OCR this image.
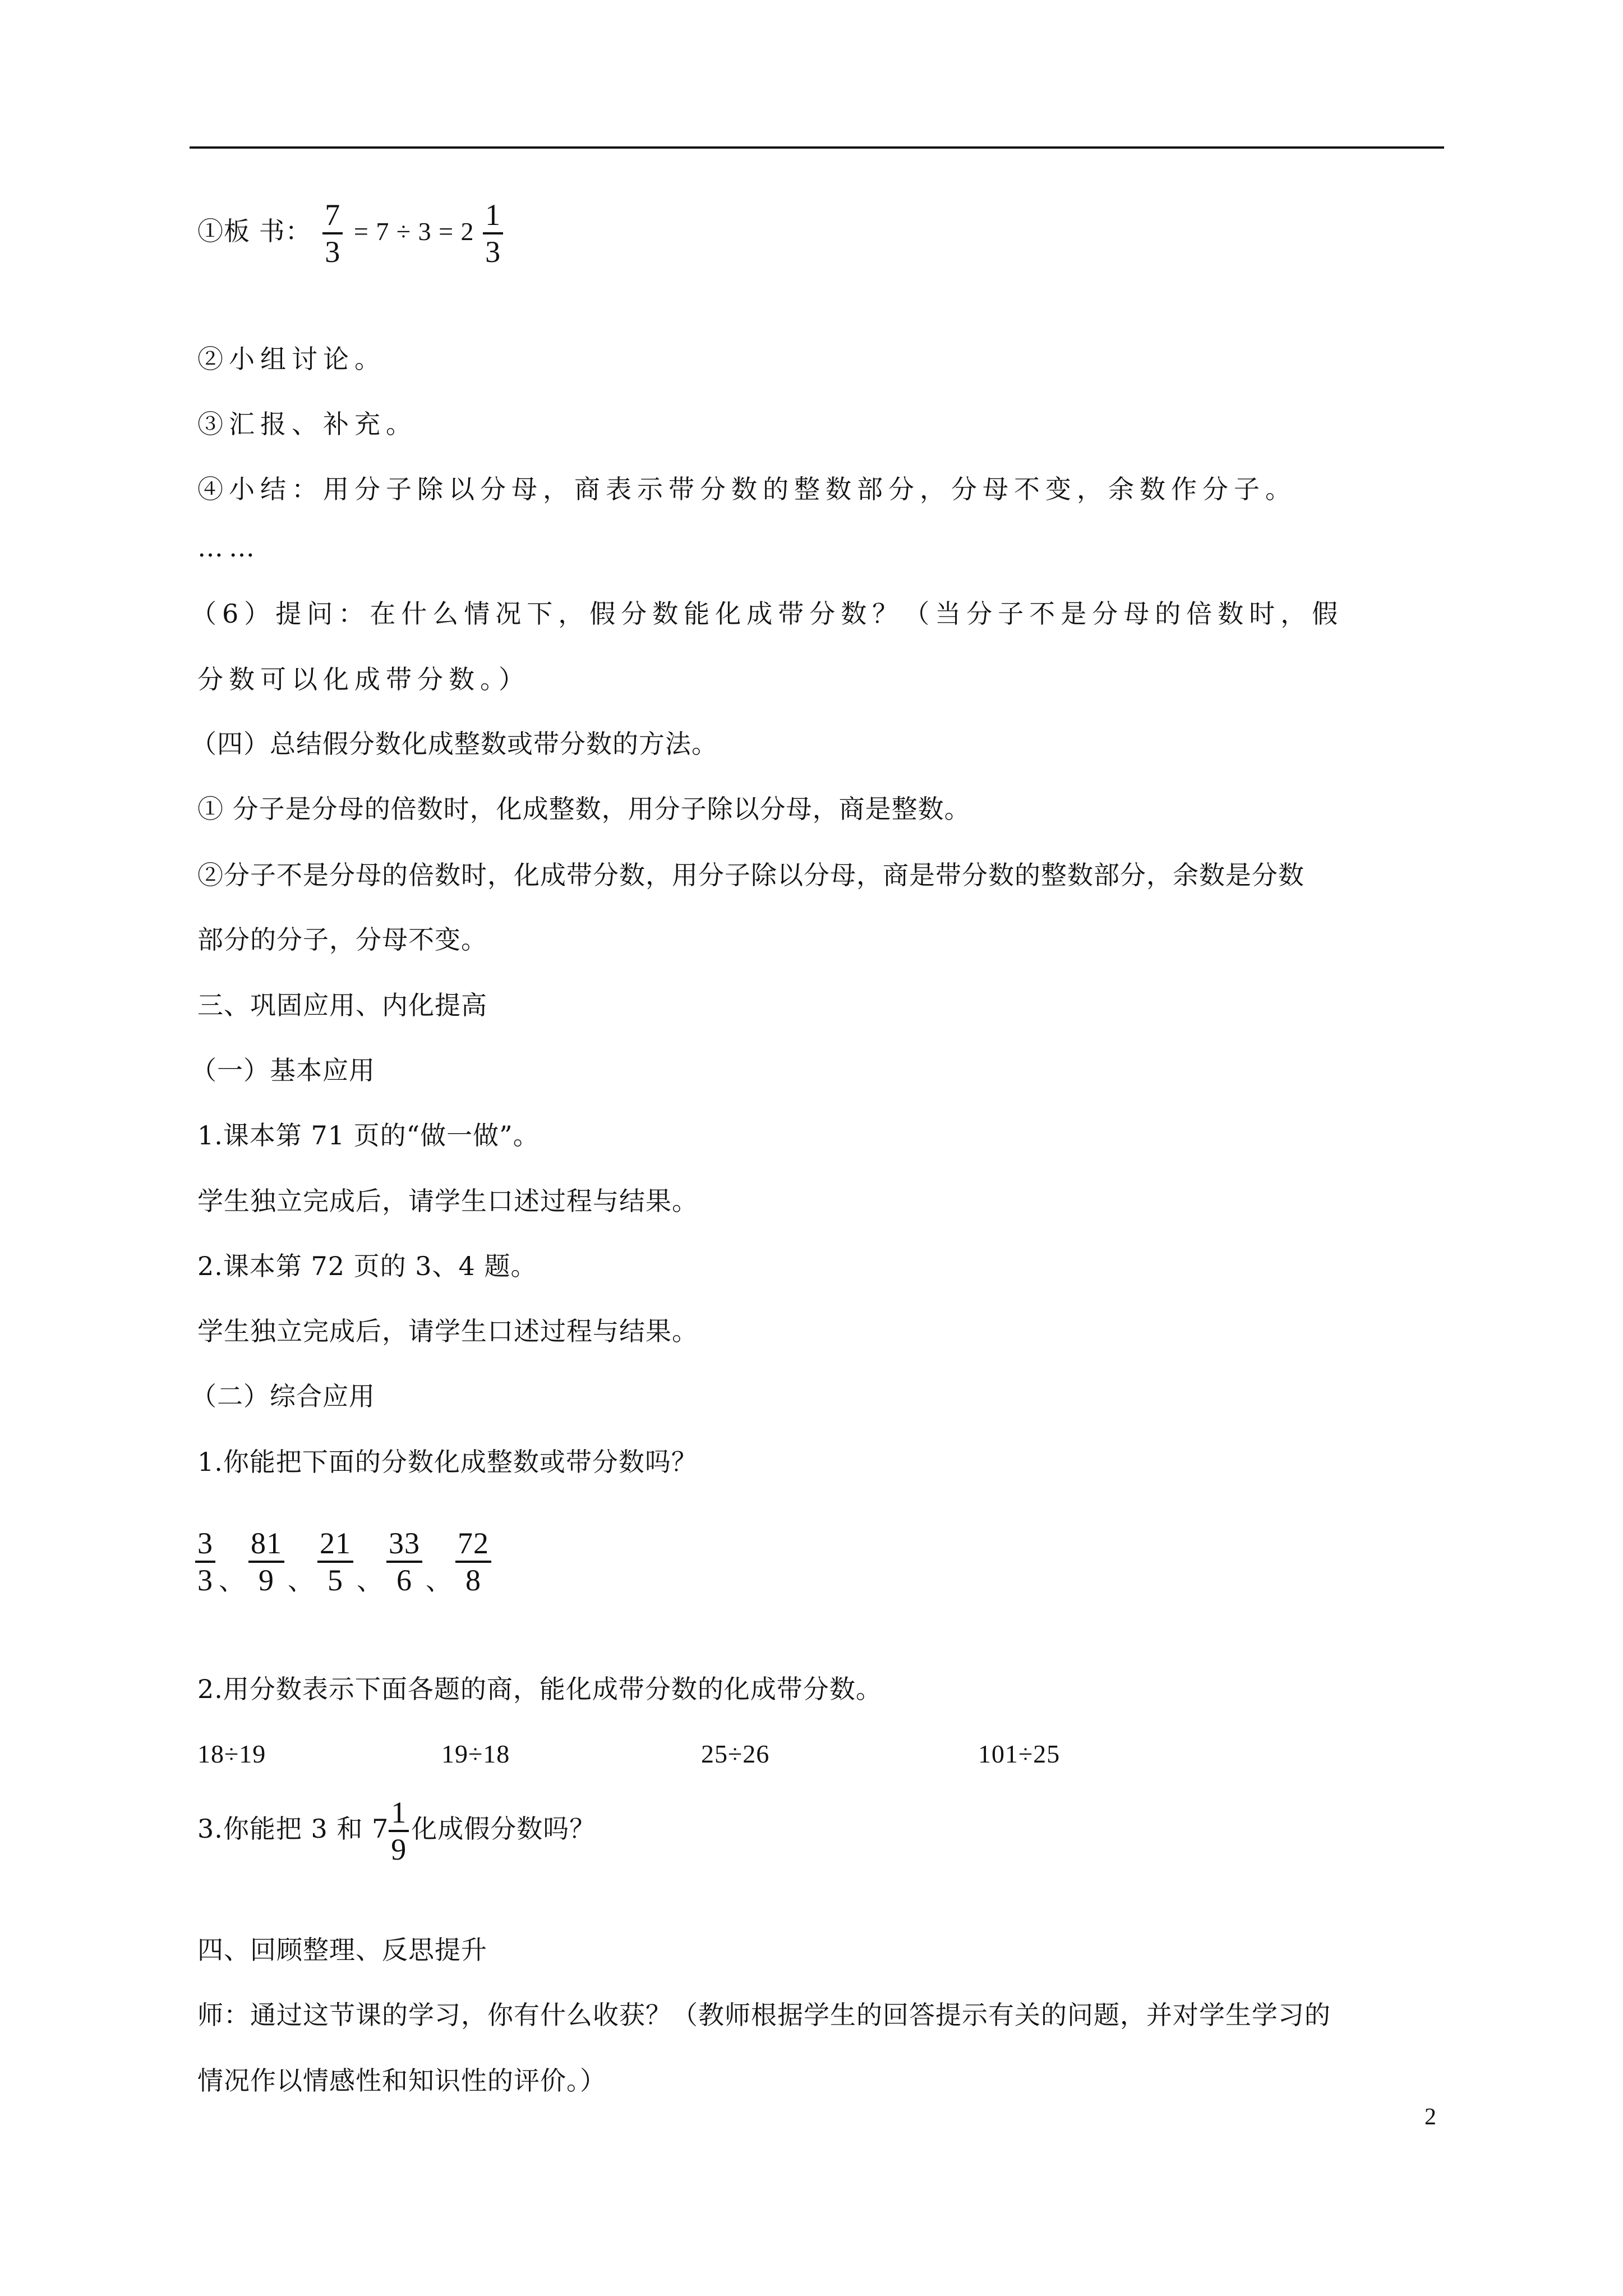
①板 书： $\frac{7}{3} = 7 \div 3 = 2 \frac{1}{3}$
②小组讨论。
③汇报、补充。
④小结：用分子除以分母，商表示带分数的整数部分，分母不变，余数作分子。
……
（6）提问：在什么情况下，假分数能化成带分数？（当分子不是分母的倍数时，假
分数可以化成带分数。）
（四）总结假分数化成整数或带分数的方法。
① 分子是分母的倍数时，化成整数，用分子除以分母，商是整数。
②分子不是分母的倍数时，化成带分数，用分子除以分母，商是带分数的整数部分，余数是分数
部分的分子，分母不变。
三、巩固应用、内化提高
（一）基本应用
1.课本第 71 页的“做一做”。
学生独立完成后，请学生口述过程与结果。
2.课本第 72 页的 3、4 题。
学生独立完成后，请学生口述过程与结果。
（二）综合应用
1.你能把下面的分数化成整数或带分数吗？
$\frac{3}{3}$ 、 $\frac{81}{9}$ 、 $\frac{21}{5}$ 、 $\frac{33}{6}$ 、 $\frac{72}{8}$
2.用分数表示下面各题的商，能化成带分数的化成带分数。
18÷19	19÷18	25÷26	101÷25
3.你能把 3 和 $7 \frac{1}{9}$ 化成假分数吗？
四、回顾整理、反思提升
师：通过这节课的学习，你有什么收获？（教师根据学生的回答提示有关的问题，并对学生学习的
情况作以情感性和知识性的评价。）
2
